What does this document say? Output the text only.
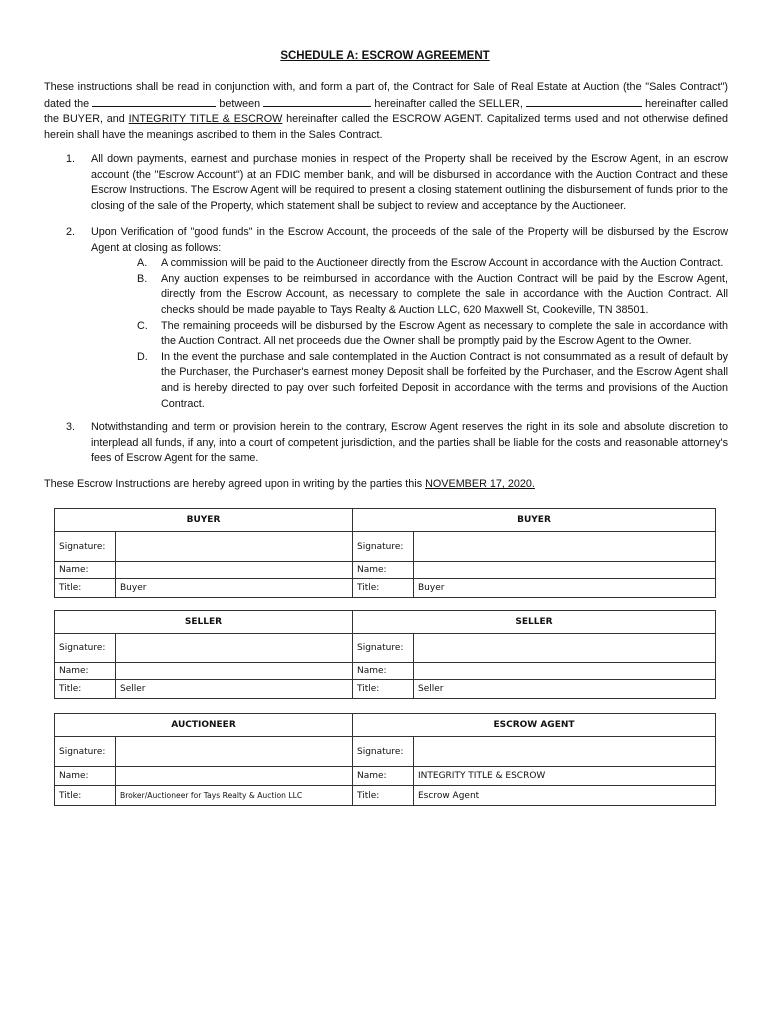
SCHEDULE A: ESCROW AGREEMENT
These instructions shall be read in conjunction with, and form a part of, the Contract for Sale of Real Estate at Auction (the "Sales Contract") dated the	between	hereinafter called the SELLER,	hereinafter called the BUYER, and INTEGRITY TITLE & ESCROW hereinafter called the ESCROW AGENT. Capitalized terms used and not otherwise defined herein shall have the meanings ascribed to them in the Sales Contract.
1. All down payments, earnest and purchase monies in respect of the Property shall be received by the Escrow Agent, in an escrow account (the "Escrow Account") at an FDIC member bank, and will be disbursed in accordance with the Auction Contract and these Escrow Instructions. The Escrow Agent will be required to present a closing statement outlining the disbursement of funds prior to the closing of the sale of the Property, which statement shall be subject to review and acceptance by the Auctioneer.
2. Upon Verification of "good funds" in the Escrow Account, the proceeds of the sale of the Property will be disbursed by the Escrow Agent at closing as follows:
A. A commission will be paid to the Auctioneer directly from the Escrow Account in accordance with the Auction Contract.
B. Any auction expenses to be reimbursed in accordance with the Auction Contract will be paid by the Escrow Agent, directly from the Escrow Account, as necessary to complete the sale in accordance with the Auction Contract. All checks should be made payable to Tays Realty & Auction LLC, 620 Maxwell St, Cookeville, TN 38501.
C. The remaining proceeds will be disbursed by the Escrow Agent as necessary to complete the sale in accordance with the Auction Contract. All net proceeds due the Owner shall be promptly paid by the Escrow Agent to the Owner.
D. In the event the purchase and sale contemplated in the Auction Contract is not consummated as a result of default by the Purchaser, the Purchaser's earnest money Deposit shall be forfeited by the Purchaser, and the Escrow Agent shall and is hereby directed to pay over such forfeited Deposit in accordance with the terms and provisions of the Auction Contract.
3. Notwithstanding and term or provision herein to the contrary, Escrow Agent reserves the right in its sole and absolute discretion to interplead all funds, if any, into a court of competent jurisdiction, and the parties shall be liable for the costs and reasonable attorney's fees of Escrow Agent for the same.
These Escrow Instructions are hereby agreed upon in writing by the parties this NOVEMBER 17, 2020.
BUYER		BUYER	
Signature:		Signature:	
Name:		Name:	
Title:	Buyer	Title:	Buyer
SELLER		SELLER	
Signature:		Signature:	
Name:		Name:	
Title:	Seller	Title:	Seller
AUCTIONEER		ESCROW AGENT	
Signature:		Signature:	
Name:		Name:	INTEGRITY TITLE & ESCROW
Title:	Broker/Auctioneer for Tays Realty & Auction LLC	Title:	Escrow Agent
